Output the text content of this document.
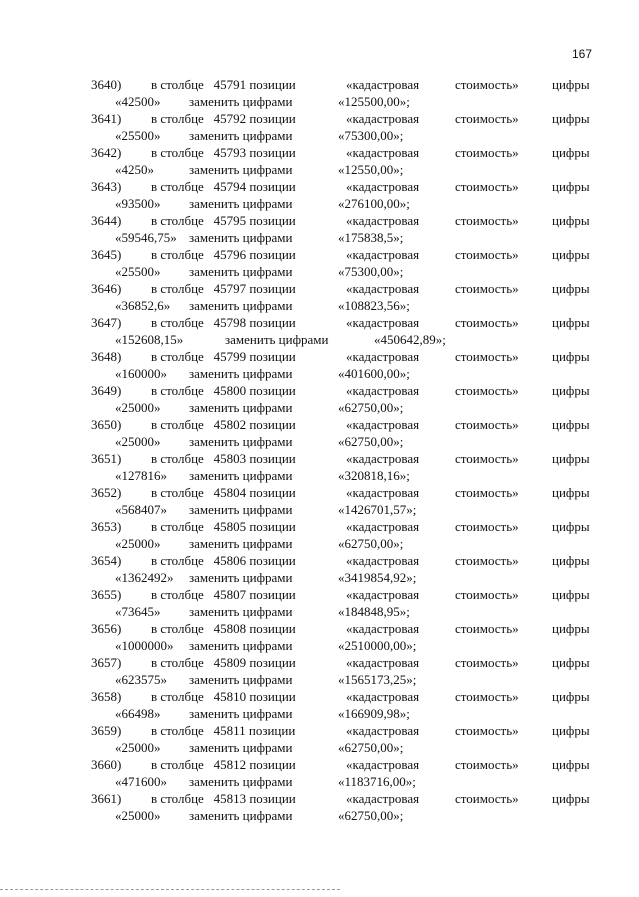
167
3640) в столбце 45791 позиции	«кадастровая	стоимость»	цифры
«42500» заменить цифрами	«125500,00»;
3641) в столбце 45792 позиции	«кадастровая	стоимость»	цифры
«25500» заменить цифрами	«75300,00»;
3642) в столбце 45793 позиции	«кадастровая	стоимость»	цифры
«4250»	заменить цифрами	«12550,00»;
3643) в столбце 45794 позиции	«кадастровая	стоимость»	цифры
«93500» заменить цифрами	«276100,00»;
3644) в столбце 45795 позиции	«кадастровая	стоимость»	цифры
«59546,75» заменить цифрами	«175838,5»;
3645) в столбце 45796 позиции	«кадастровая	стоимость»	цифры
«25500» заменить цифрами	«75300,00»;
3646) в столбце 45797 позиции	«кадастровая	стоимость»	цифры
«36852,6» заменить цифрами	«108823,56»;
3647) в столбце 45798 позиции	«кадастровая	стоимость»	цифры
«152608,15»	заменить цифрами	«450642,89»;
3648) в столбце 45799 позиции	«кадастровая	стоимость»	цифры
«160000» заменить цифрами	«401600,00»;
3649) в столбце 45800 позиции	«кадастровая	стоимость»	цифры
«25000» заменить цифрами	«62750,00»;
3650) в столбце 45802 позиции	«кадастровая	стоимость»	цифры
«25000» заменить цифрами	«62750,00»;
3651) в столбце 45803 позиции	«кадастровая	стоимость»	цифры
«127816» заменить цифрами	«320818,16»;
3652) в столбце 45804 позиции	«кадастровая	стоимость»	цифры
«568407» заменить цифрами	«1426701,57»;
3653) в столбце 45805 позиции	«кадастровая	стоимость»	цифры
«25000» заменить цифрами	«62750,00»;
3654) в столбце 45806 позиции	«кадастровая	стоимость»	цифры
«1362492» заменить цифрами	«3419854,92»;
3655) в столбце 45807 позиции	«кадастровая	стоимость»	цифры
«73645» заменить цифрами	«184848,95»;
3656) в столбце 45808 позиции	«кадастровая	стоимость»	цифры
«1000000» заменить цифрами	«2510000,00»;
3657) в столбце 45809 позиции	«кадастровая	стоимость»	цифры
«623575» заменить цифрами	«1565173,25»;
3658) в столбце 45810 позиции	«кадастровая	стоимость»	цифры
«66498» заменить цифрами	«166909,98»;
3659) в столбце 45811 позиции	«кадастровая	стоимость»	цифры
«25000» заменить цифрами	«62750,00»;
3660) в столбце 45812 позиции	«кадастровая	стоимость»	цифры
«471600» заменить цифрами	«1183716,00»;
3661) в столбце 45813 позиции	«кадастровая	стоимость»	цифры
«25000» заменить цифрами	«62750,00»;
